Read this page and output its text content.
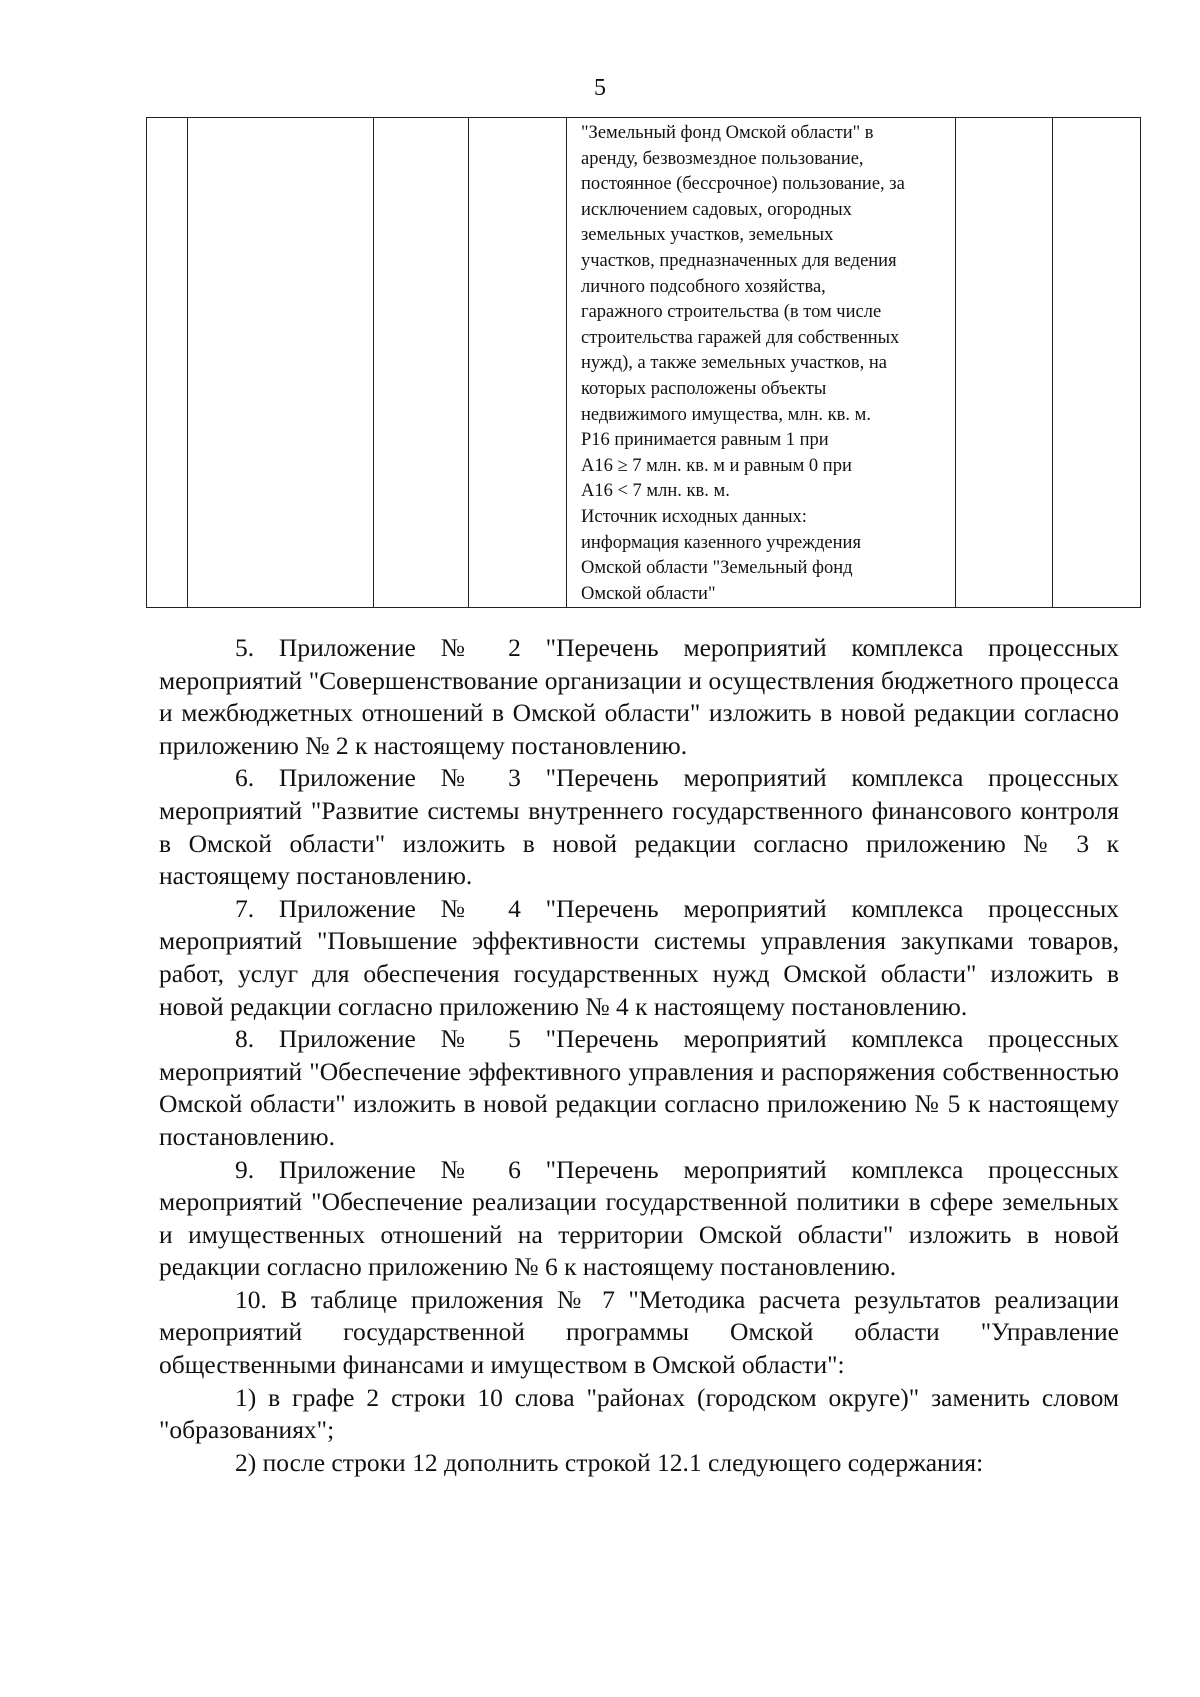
5

"Земельный фонд Омской области" в

аренду, безвозмездное пользование,

постоянное (бессрочное) пользование, за

исключением садовых, огородных

земельных участков, земельных

участков, предназначенных для ведения

личного подсобного хозяйства,

гаражного строительства (в том числе

строительства гаражей для собственных

нужд), а также земельных участков, на

которых расположены объекты

недвижимого имущества, млн. кв. м.

Р16 принимается равным 1 при

А16 ≥ 7 млн. кв. м и равным 0 при

А16 < 7 млн. кв. м.

Источник исходных данных:

информация казенного учреждения

Омской области "Земельный фонд

Омской области"

5. Приложение № 2 "Перечень мероприятий комплекса процессных мероприятий "Совершенствование организации и осуществления бюджетного процесса и межбюджетных отношений в Омской области" изложить в новой редакции согласно приложению № 2 к настоящему постановлению.

6. Приложение № 3 "Перечень мероприятий комплекса процессных мероприятий "Развитие системы внутреннего государственного финансового контроля в Омской области" изложить в новой редакции согласно приложению № 3 к настоящему постановлению.

7. Приложение № 4 "Перечень мероприятий комплекса процессных мероприятий "Повышение эффективности системы управления закупками товаров, работ, услуг для обеспечения государственных нужд Омской области" изложить в новой редакции согласно приложению № 4 к настоящему постановлению.

8. Приложение № 5 "Перечень мероприятий комплекса процессных мероприятий "Обеспечение эффективного управления и распоряжения собственностью Омской области" изложить в новой редакции согласно приложению № 5 к настоящему постановлению.

9. Приложение № 6 "Перечень мероприятий комплекса процессных мероприятий "Обеспечение реализации государственной политики в сфере земельных и имущественных отношений на территории Омской области" изложить в новой редакции согласно приложению № 6 к настоящему постановлению.

10. В таблице приложения № 7 "Методика расчета результатов реализации мероприятий государственной программы Омской области "Управление общественными финансами и имуществом в Омской области":

1) в графе 2 строки 10 слова "районах (городском округе)" заменить словом "образованиях";

2) после строки 12 дополнить строкой 12.1 следующего содержания:
